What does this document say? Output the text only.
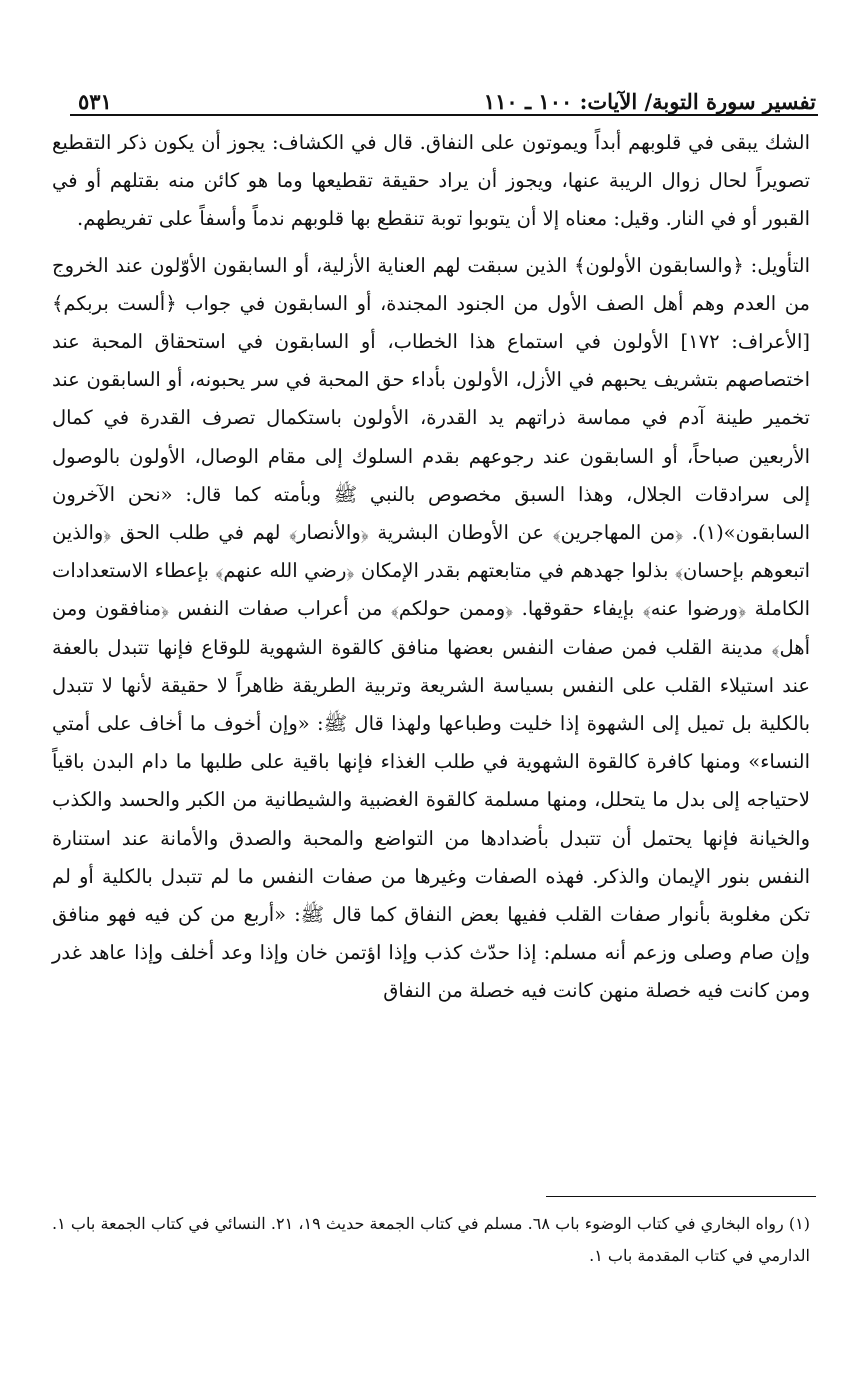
تفسير سورة التوبة/ الآيات: ١٠٠ ـ ١١٠
٥٣١

الشك يبقى في قلوبهم أبداً ويموتون على النفاق. قال في الكشاف: يجوز أن يكون ذكر التقطيع تصويراً لحال زوال الريبة عنها، ويجوز أن يراد حقيقة تقطيعها وما هو كائن منه بقتلهم أو في القبور أو في النار. وقيل: معناه إلا أن يتوبوا توبة تنقطع بها قلوبهم ندماً وأسفاً على تفريطهم.

التأويل: ﴿والسابقون الأولون﴾ الذين سبقت لهم العناية الأزلية، أو السابقون الأوّلون عند الخروج من العدم وهم أهل الصف الأول من الجنود المجندة، أو السابقون في جواب ﴿ألست بربكم﴾ [الأعراف: ١٧٢] الأولون في استماع هذا الخطاب، أو السابقون في استحقاق المحبة عند اختصاصهم بتشريف يحبهم في الأزل، الأولون بأداء حق المحبة في سر يحبونه، أو السابقون عند تخمير طينة آدم في مماسة ذراتهم يد القدرة، الأولون باستكمال تصرف القدرة في كمال الأربعين صباحاً، أو السابقون عند رجوعهم بقدم السلوك إلى مقام الوصال، الأولون بالوصول إلى سرادقات الجلال، وهذا السبق مخصوص بالنبي ﷺ وبأمته كما قال: «نحن الآخرون السابقون»(١). ﴿من المهاجرين﴾ عن الأوطان البشرية ﴿والأنصار﴾ لهم في طلب الحق ﴿والذين اتبعوهم بإحسان﴾ بذلوا جهدهم في متابعتهم بقدر الإمكان ﴿رضي الله عنهم﴾ بإعطاء الاستعدادات الكاملة ﴿ورضوا عنه﴾ بإيفاء حقوقها. ﴿وممن حولكم﴾ من أعراب صفات النفس ﴿منافقون ومن أهل﴾ مدينة القلب فمن صفات النفس بعضها منافق كالقوة الشهوية للوقاع فإنها تتبدل بالعفة عند استيلاء القلب على النفس بسياسة الشريعة وتربية الطريقة ظاهراً لا حقيقة لأنها لا تتبدل بالكلية بل تميل إلى الشهوة إذا خليت وطباعها ولهذا قال ﷺ: «وإن أخوف ما أخاف على أمتي النساء» ومنها كافرة كالقوة الشهوية في طلب الغذاء فإنها باقية على طلبها ما دام البدن باقياً لاحتياجه إلى بدل ما يتحلل، ومنها مسلمة كالقوة الغضبية والشيطانية من الكبر والحسد والكذب والخيانة فإنها يحتمل أن تتبدل بأضدادها من التواضع والمحبة والصدق والأمانة عند استنارة النفس بنور الإيمان والذكر. فهذه الصفات وغيرها من صفات النفس ما لم تتبدل بالكلية أو لم تكن مغلوبة بأنوار صفات القلب ففيها بعض النفاق كما قال ﷺ: «أربع من كن فيه فهو منافق وإن صام وصلى وزعم أنه مسلم: إذا حدّث كذب وإذا اؤتمن خان وإذا وعد أخلف وإذا عاهد غدر ومن كانت فيه خصلة منهن كانت فيه خصلة من النفاق

(١) رواه البخاري في كتاب الوضوء باب ٦٨. مسلم في كتاب الجمعة حديث ١٩، ٢١. النسائي في كتاب الجمعة باب ١. الدارمي في كتاب المقدمة باب ١.
